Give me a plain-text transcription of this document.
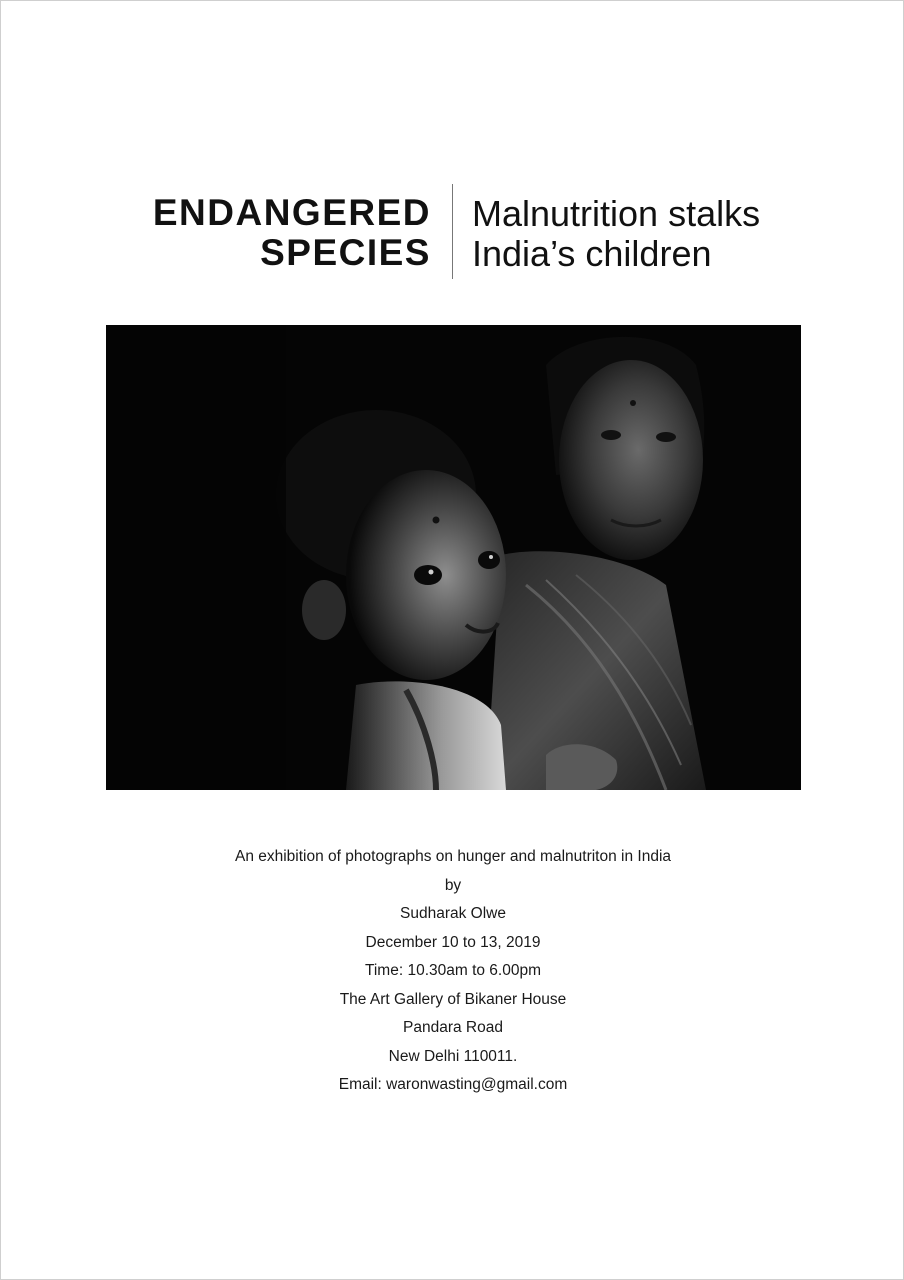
ENDANGERED
SPECIES
Malnutrition stalks
India’s children
An exhibition of photographs on hunger and malnutriton in India
by
Sudharak Olwe
December 10 to 13, 2019
Time: 10.30am to 6.00pm
The Art Gallery of Bikaner House
Pandara Road
New Delhi 110011.
Email: waronwasting@gmail.com
